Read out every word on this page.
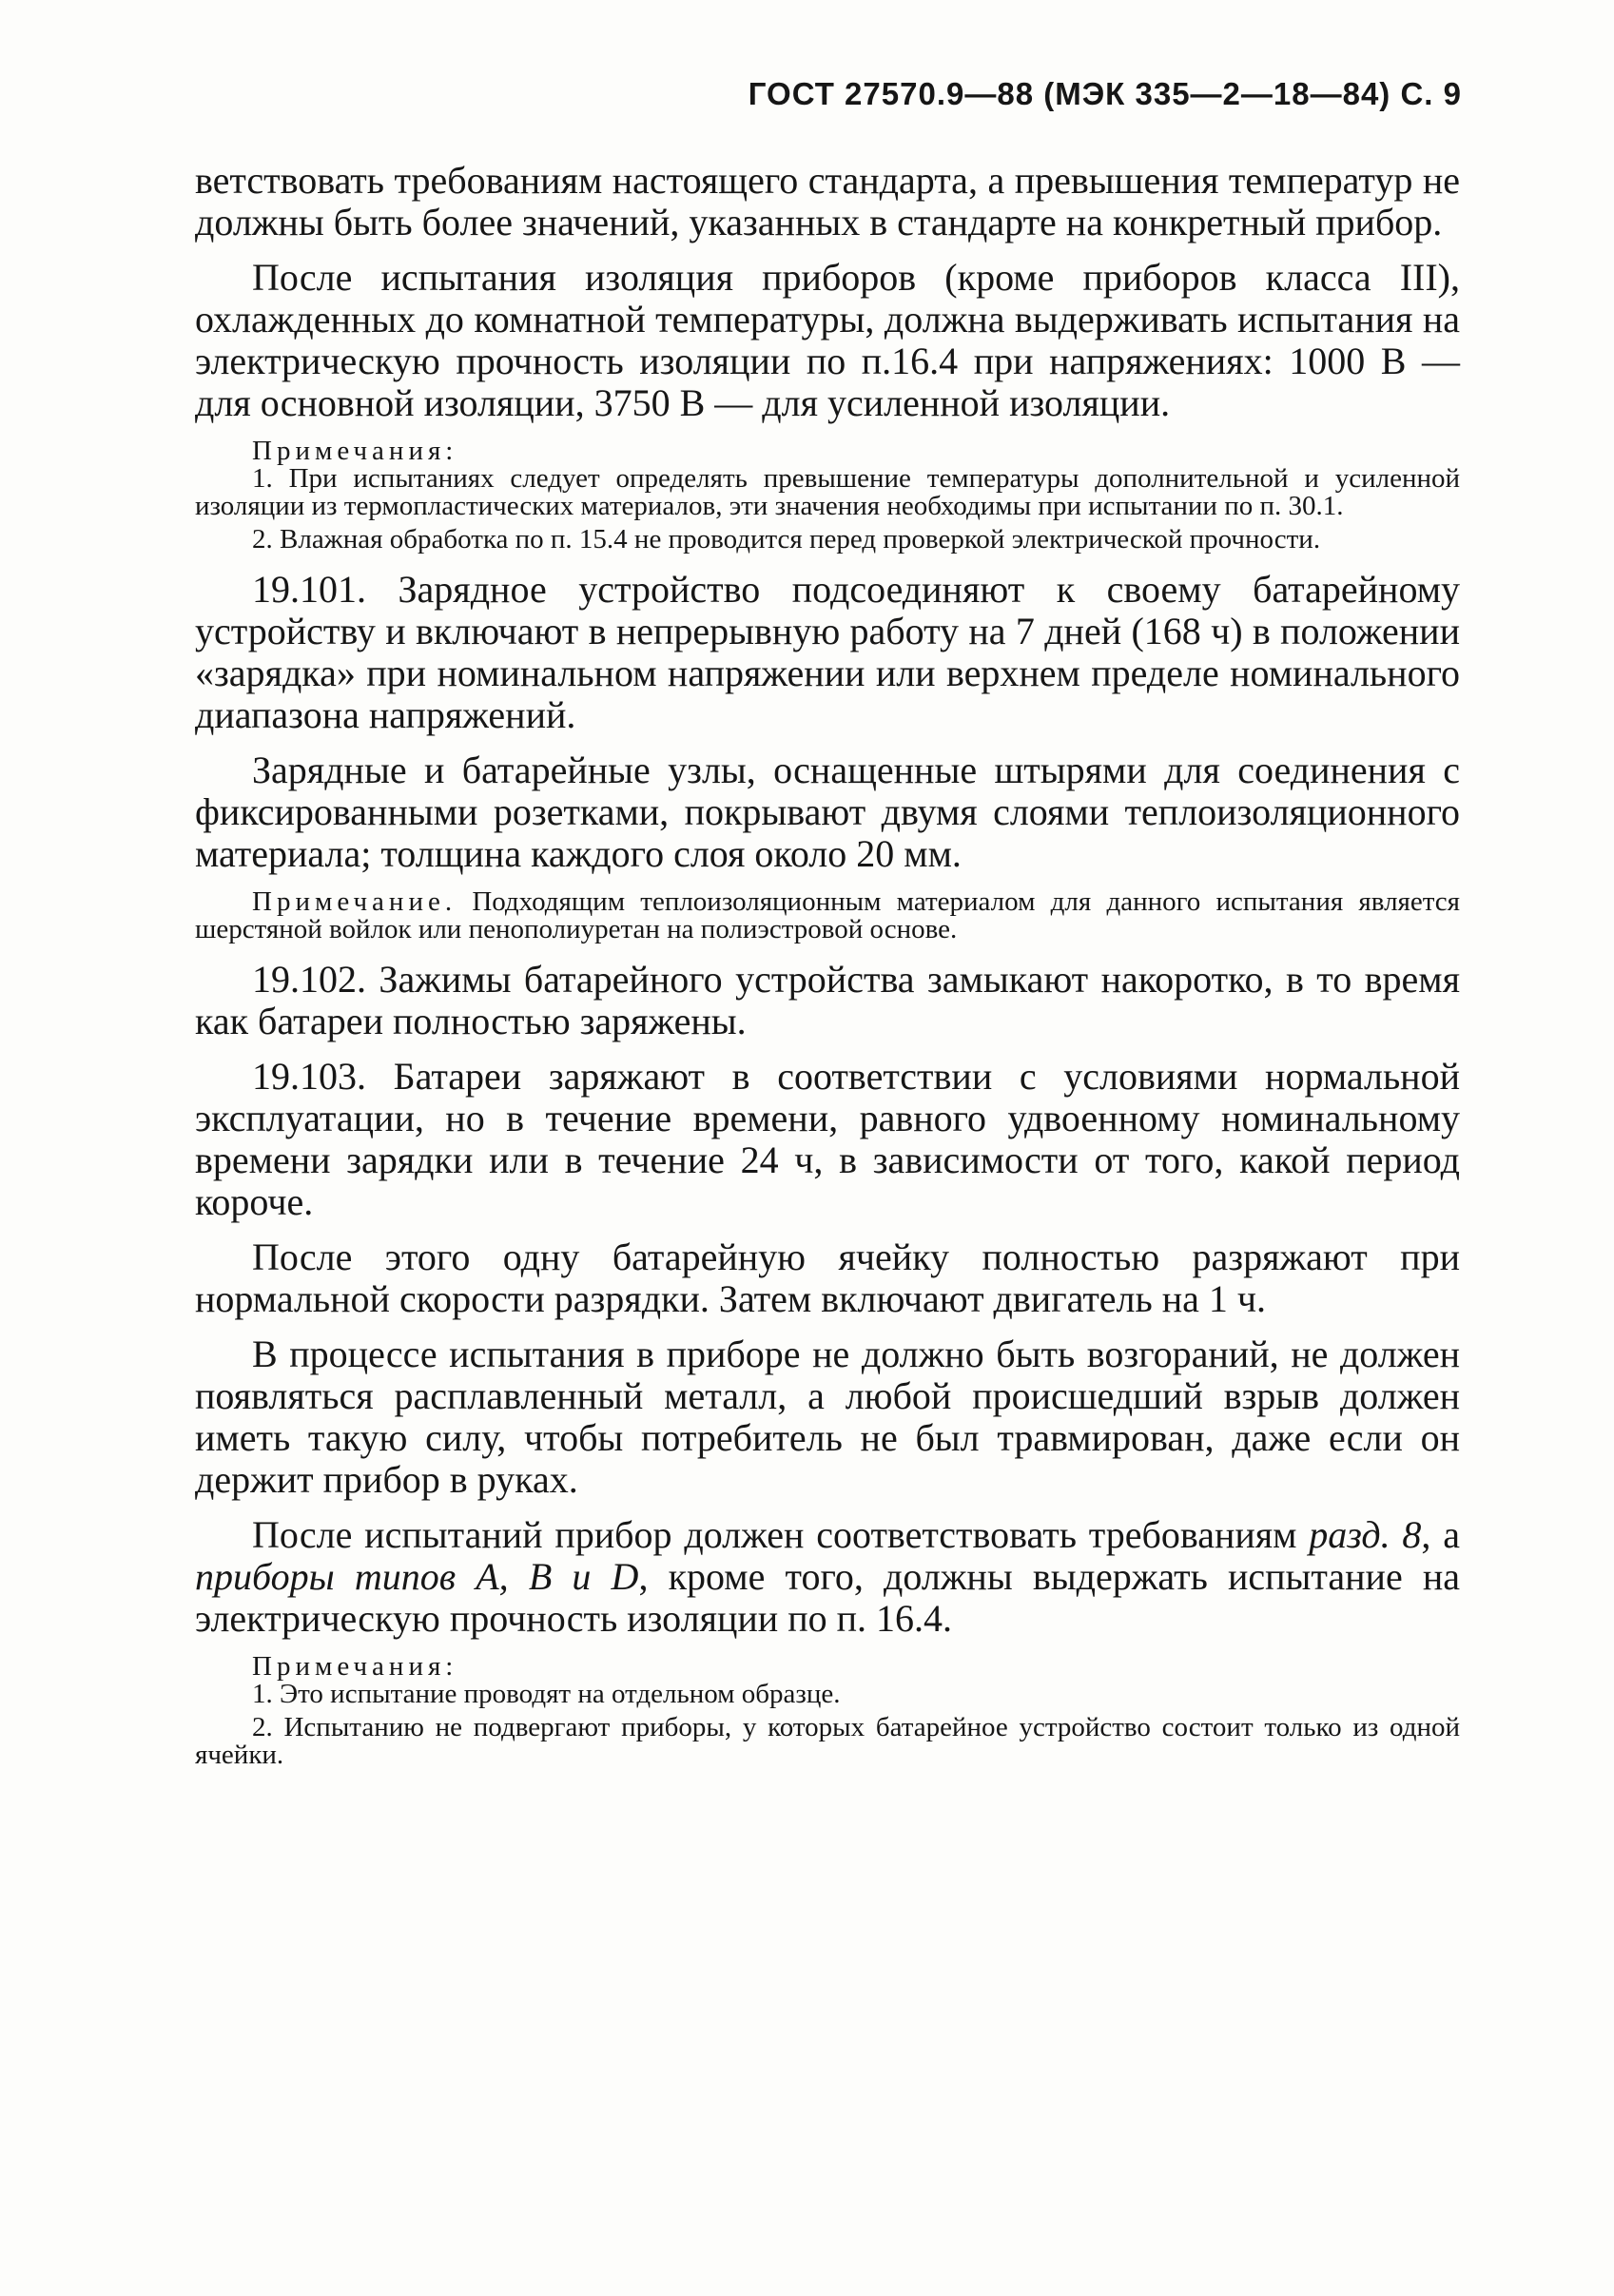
ГОСТ 27570.9—88 (МЭК 335—2—18—84) С. 9

ветствовать требованиям настоящего стандарта, а превышения температур не должны быть более значений, указанных в стандарте на конкретный прибор.

После испытания изоляция приборов (кроме приборов класса III), охлажденных до комнатной температуры, должна выдерживать испытания на электрическую прочность изоляции по п.16.4 при напряжениях: 1000 В — для основной изоляции, 3750 В — для усиленной изоляции.

Примечания:

1. При испытаниях следует определять превышение температуры дополнительной и усиленной изоляции из термопластических материалов, эти значения необходимы при испытании по п. 30.1.

2. Влажная обработка по п. 15.4 не проводится перед проверкой электрической прочности.

19.101. Зарядное устройство подсоединяют к своему батарейному устройству и включают в непрерывную работу на 7 дней (168 ч) в положении «зарядка» при номинальном напряжении или верхнем пределе номинального диапазона напряжений.

Зарядные и батарейные узлы, оснащенные штырями для соединения с фиксированными розетками, покрывают двумя слоями теплоизоляционного материала; толщина каждого слоя около 20 мм.

Примечание. Подходящим теплоизоляционным материалом для данного испытания является шерстяной войлок или пенополиуретан на полиэстровой основе.

19.102. Зажимы батарейного устройства замыкают накоротко, в то время как батареи полностью заряжены.

19.103. Батареи заряжают в соответствии с условиями нормальной эксплуатации, но в течение времени, равного удвоенному номинальному времени зарядки или в течение 24 ч, в зависимости от того, какой период короче.

После этого одну батарейную ячейку полностью разряжают при нормальной скорости разрядки. Затем включают двигатель на 1 ч.

В процессе испытания в приборе не должно быть возгораний, не должен появляться расплавленный металл, а любой происшедший взрыв должен иметь такую силу, чтобы потребитель не был травмирован, даже если он держит прибор в руках.

После испытаний прибор должен соответствовать требованиям разд. 8, а приборы типов A, B и D, кроме того, должны выдержать испытание на электрическую прочность изоляции по п. 16.4.

Примечания:

1. Это испытание проводят на отдельном образце.

2. Испытанию не подвергают приборы, у которых батарейное устройство состоит только из одной ячейки.
